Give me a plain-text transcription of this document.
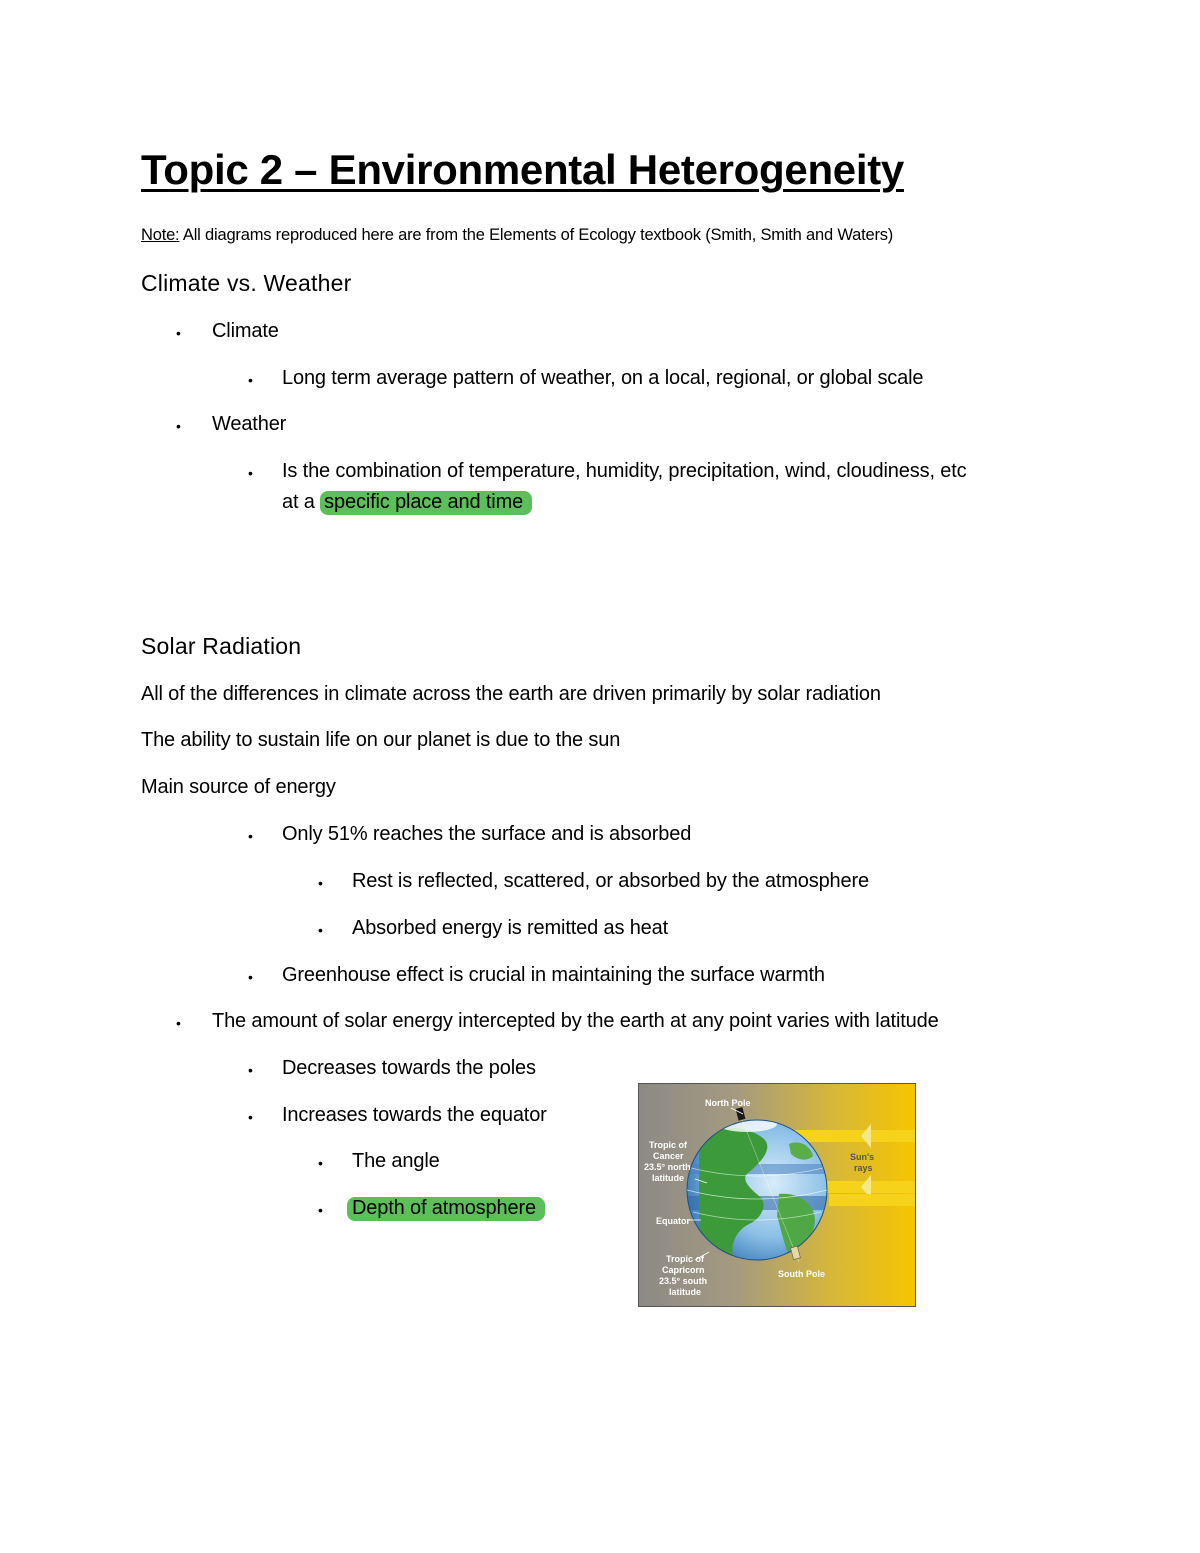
Topic 2 – Environmental Heterogeneity
Note: All diagrams reproduced here are from the Elements of Ecology textbook (Smith, Smith and Waters)
Climate vs. Weather
• Climate
• Long term average pattern of weather, on a local, regional, or global scale
• Weather
• Is the combination of temperature, humidity, precipitation, wind, cloudiness, etc
at a specific place and time
Solar Radiation
All of the differences in climate across the earth are driven primarily by solar radiation
The ability to sustain life on our planet is due to the sun
Main source of energy
• Only 51% reaches the surface and is absorbed
• Rest is reflected, scattered, or absorbed by the atmosphere
• Absorbed energy is remitted as heat
• Greenhouse effect is crucial in maintaining the surface warmth
• The amount of solar energy intercepted by the earth at any point varies with latitude
• Decreases towards the poles
• Increases towards the equator
• The angle
• Depth of atmosphere
North Pole
Tropic of
Cancer
23.5° north
latitude
Sun's
rays
Equator
Tropic of
Capricorn
23.5° south
latitude
South Pole
